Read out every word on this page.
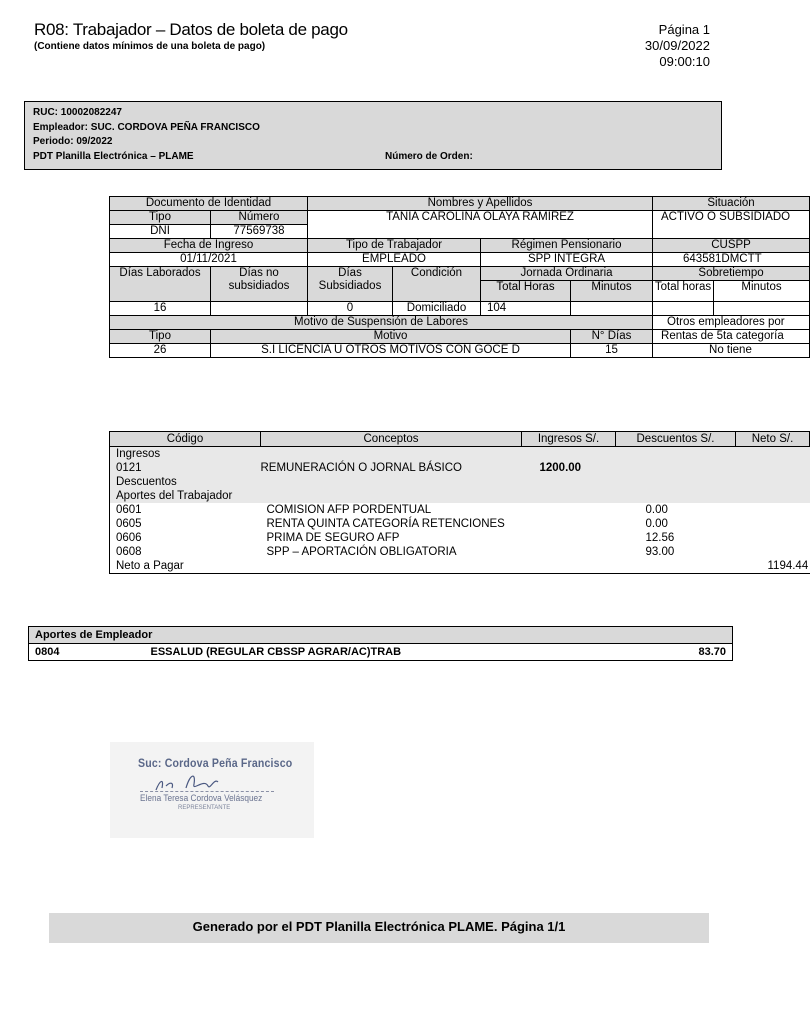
R08: Trabajador – Datos de boleta de pago
(Contiene datos mínimos de una boleta de pago)
Página 1
30/09/2022
09:00:10
RUC: 10002082247
Empleador: SUC. CORDOVA PEÑA FRANCISCO
Periodo: 09/2022
PDT Planilla Electrónica – PLAME	Número de Orden:
Documento de Identidad		Nombres y Apellidos				Situación	
Tipo	Número	TANIA CAROLINA OLAYA RAMIREZ				ACTIVO O SUBSIDIADO	
DNI	77569738						
Fecha de Ingreso		Tipo de Trabajador		Régimen Pensionario		CUSPP	
01/11/2021		EMPLEADO		SPP INTEGRA		643581DMCTT	
Días Laborados	Días no subsidiados	Días Subsidiados	Condición	Jornada Ordinaria		Sobretiempo	
				Total Horas	Minutos	Total horas	Minutos
16		0	Domiciliado	104			
Motivo de Suspensión de Labores						Otros empleadores por	
Tipo	Motivo				N° Días	Rentas de 5ta categoría	
26	S.I LICENCIA U OTROS MOTIVOS CON GOCE D				15	No tiene	
Código	Conceptos	Ingresos S/.	Descuentos S/.	Neto S/.
Ingresos				
0121	REMUNERACIÓN O JORNAL BÁSICO	1200.00		
Descuentos				
Aportes del Trabajador				
0601	COMISION AFP PORDENTUAL		0.00	
0605	RENTA QUINTA CATEGORÍA RETENCIONES		0.00	
0606	PRIMA DE SEGURO AFP		12.56	
0608	SPP – APORTACIÓN OBLIGATORIA		93.00	
Neto a Pagar				1194.44
Aportes de Empleador
0804	ESSALUD (REGULAR CBSSP AGRAR/AC)TRAB	83.70
Suc: Cordova Peña Francisco
Elena Teresa Cordova Velásquez
REPRESENTANTE
Generado por el PDT Planilla Electrónica PLAME. Página 1/1
